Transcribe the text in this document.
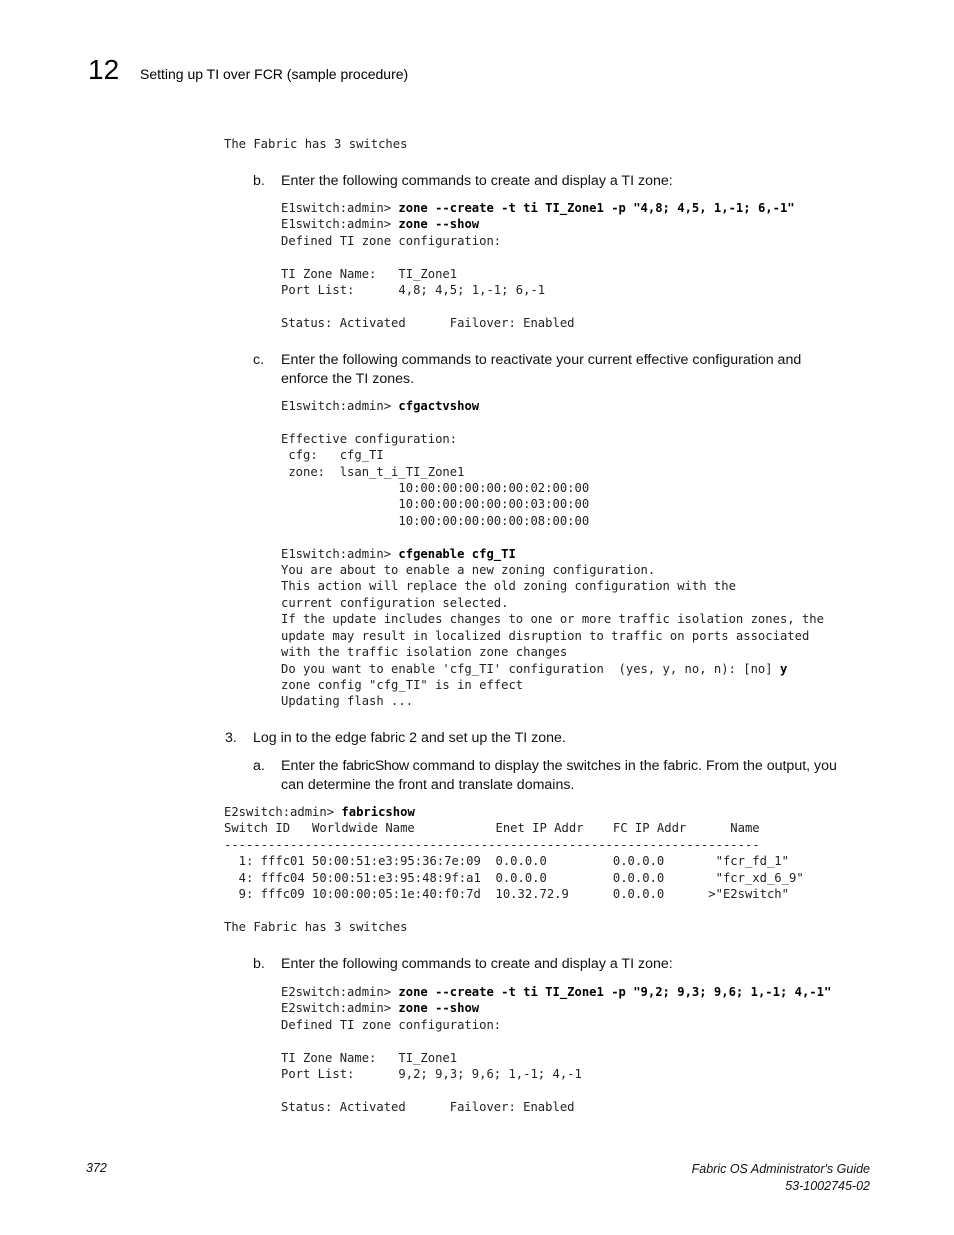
12 Setting up TI over FCR (sample procedure)
The Fabric has 3 switches
b. Enter the following commands to create and display a TI zone:
E1switch:admin> zone --create -t ti TI_Zone1 -p "4,8; 4,5, 1,-1; 6,-1"
E1switch:admin> zone --show
Defined TI zone configuration:

TI Zone Name:   TI_Zone1
Port List:      4,8; 4,5; 1,-1; 6,-1

Status: Activated      Failover: Enabled
c. Enter the following commands to reactivate your current effective configuration and
enforce the TI zones.
E1switch:admin> cfgactvshow

Effective configuration:
cfg:   cfg_TI
zone:  lsan_t_i_TI_Zone1
10:00:00:00:00:00:02:00:00
10:00:00:00:00:00:03:00:00
10:00:00:00:00:00:08:00:00

E1switch:admin> cfgenable cfg_TI
You are about to enable a new zoning configuration.
This action will replace the old zoning configuration with the
current configuration selected.
If the update includes changes to one or more traffic isolation zones, the
update may result in localized disruption to traffic on ports associated
with the traffic isolation zone changes
Do you want to enable 'cfg_TI' configuration  (yes, y, no, n): [no] y
zone config "cfg_TI" is in effect
Updating flash ...
3. Log in to the edge fabric 2 and set up the TI zone.
a. Enter the fabricShow command to display the switches in the fabric. From the output, you
can determine the front and translate domains.
E2switch:admin> fabricshow
Switch ID   Worldwide Name           Enet IP Addr    FC IP Addr      Name
-------------------------------------------------------------------------
1: fffc01 50:00:51:e3:95:36:7e:09  0.0.0.0         0.0.0.0       "fcr_fd_1"
4: fffc04 50:00:51:e3:95:48:9f:a1  0.0.0.0         0.0.0.0       "fcr_xd_6_9"
9: fffc09 10:00:00:05:1e:40:f0:7d  10.32.72.9      0.0.0.0      >"E2switch"

The Fabric has 3 switches
b. Enter the following commands to create and display a TI zone:
E2switch:admin> zone --create -t ti TI_Zone1 -p "9,2; 9,3; 9,6; 1,-1; 4,-1"
E2switch:admin> zone --show
Defined TI zone configuration:

TI Zone Name:   TI_Zone1
Port List:      9,2; 9,3; 9,6; 1,-1; 4,-1

Status: Activated      Failover: Enabled
372	Fabric OS Administrator's Guide
53-1002745-02
